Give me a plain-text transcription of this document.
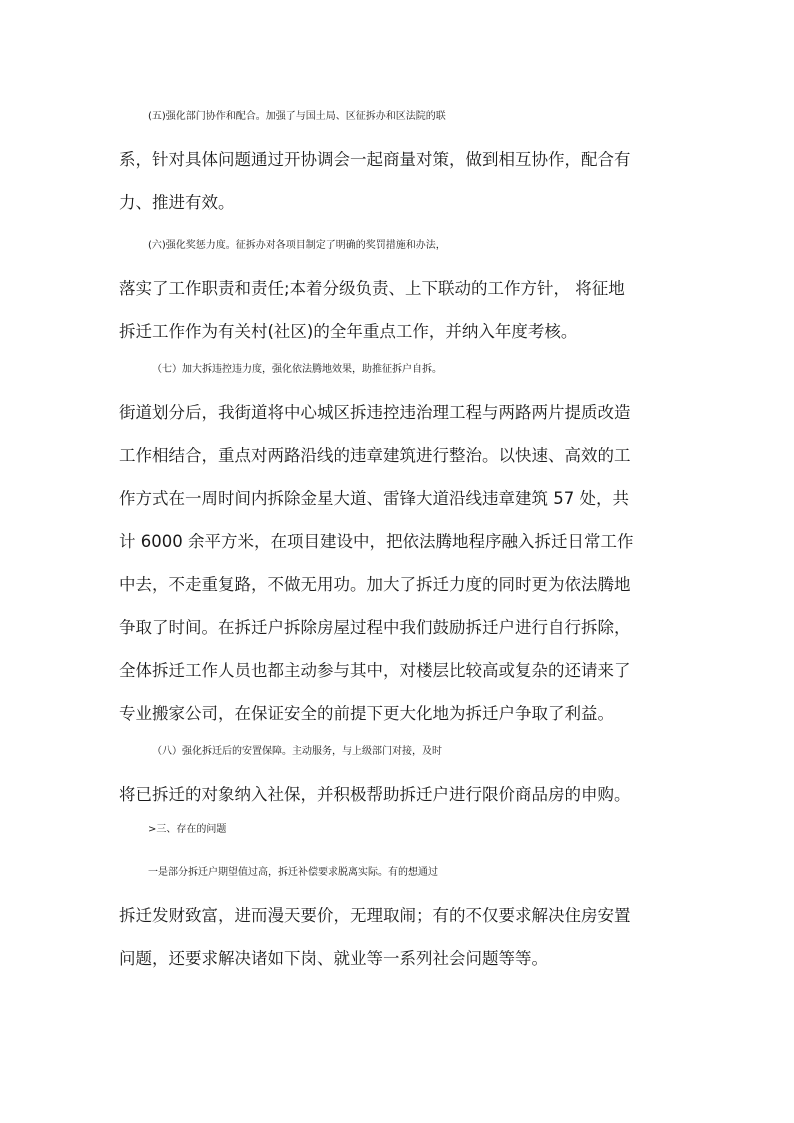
(五)强化部门协作和配合。加强了与国土局、区征拆办和区法院的联

系，针对具体问题通过开协调会一起商量对策，做到相互协作，配合有

力、推进有效。

(六)强化奖惩力度。征拆办对各项目制定了明确的奖罚措施和办法，

落实了工作职责和责任;本着分级负责、上下联动的工作方针， 将征地

拆迁工作作为有关村(社区)的全年重点工作，并纳入年度考核。

（七）加大拆违控违力度，强化依法腾地效果，助推征拆户自拆。

街道划分后，我街道将中心城区拆违控违治理工程与两路两片提质改造

工作相结合，重点对两路沿线的违章建筑进行整治。以快速、高效的工

作方式在一周时间内拆除金星大道、雷锋大道沿线违章建筑 57 处，共

计 6000 余平方米，在项目建设中，把依法腾地程序融入拆迁日常工作

中去，不走重复路，不做无用功。加大了拆迁力度的同时更为依法腾地

争取了时间。在拆迁户拆除房屋过程中我们鼓励拆迁户进行自行拆除，

全体拆迁工作人员也都主动参与其中，对楼层比较高或复杂的还请来了

专业搬家公司，在保证安全的前提下更大化地为拆迁户争取了利益。

（八）强化拆迁后的安置保障。主动服务，与上级部门对接，及时

将已拆迁的对象纳入社保，并积极帮助拆迁户进行限价商品房的申购。

>三、存在的问题

一是部分拆迁户期望值过高，拆迁补偿要求脱离实际。有的想通过

拆迁发财致富，进而漫天要价，无理取闹；有的不仅要求解决住房安置

问题，还要求解决诸如下岗、就业等一系列社会问题等等。
